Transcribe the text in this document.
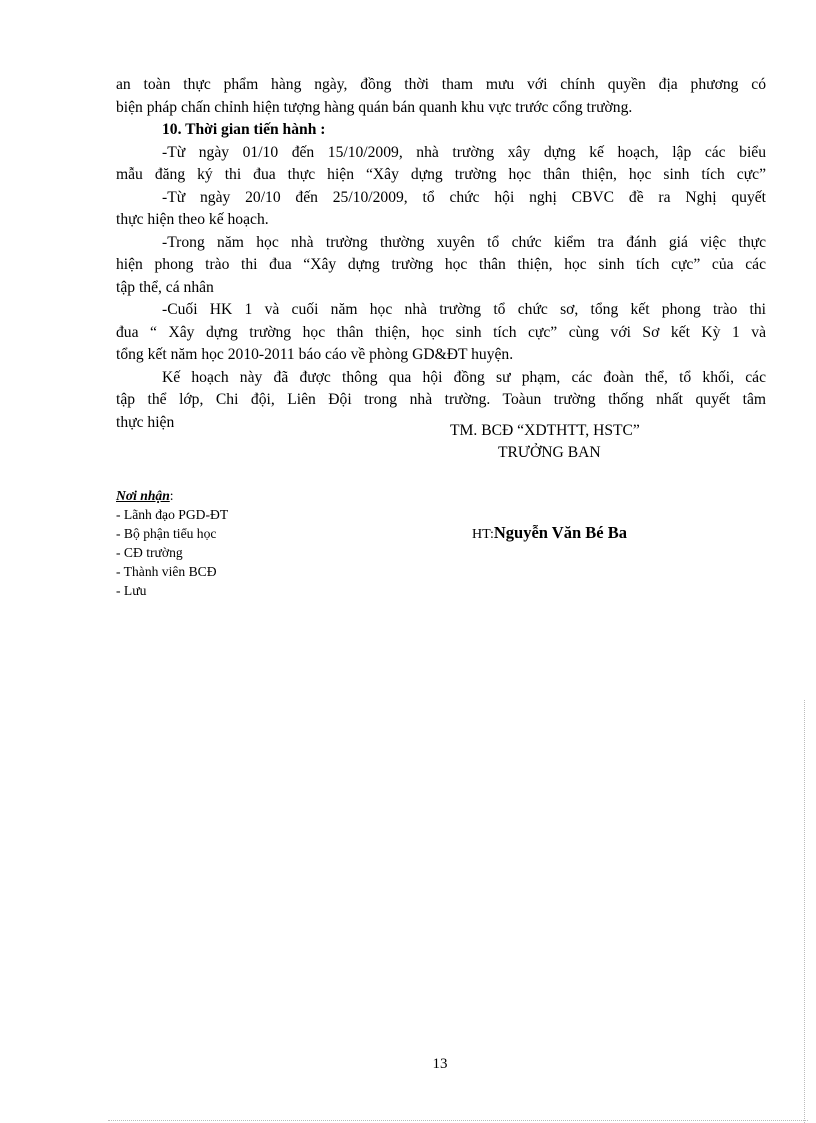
an toàn thực phẩm hàng ngày, đồng thời tham mưu với chính quyền địa phương có
biện pháp chấn chỉnh hiện tượng hàng quán bán quanh khu vực trước cổng trường.
10. Thời gian tiến hành :
-Từ ngày 01/10 đến 15/10/2009, nhà trường xây dựng kế hoạch, lập các biểu
mẫu đăng ký thi đua thực hiện “Xây dựng trường học thân thiện, học sinh tích cực”
-Từ ngày 20/10 đến 25/10/2009, tổ chức hội nghị CBVC đề ra Nghị quyết
thực hiện theo kế hoạch.
-Trong năm học nhà trường thường xuyên tổ chức kiểm tra đánh giá việc thực
hiện phong trào thi đua “Xây dựng trường học thân thiện, học sinh tích cực” của các
tập thể, cá nhân
-Cuối HK 1 và cuối năm học nhà trường tổ chức sơ, tổng kết phong trào thi
đua “ Xây dựng trường học thân thiện, học sinh tích cực” cùng với Sơ kết Kỳ 1 và
tổng kết năm học 2010-2011 báo cáo về phòng GD&ĐT huyện.
Kế hoạch này đã được thông qua hội đồng sư phạm, các đoàn thể, tổ khối, các
tập thể lớp, Chi đội, Liên Đội trong nhà trường. Toàun trường thống nhất quyết tâm
thực hiện	TM. BCĐ “XDTHTT, HSTC”
TRƯỞNG BAN
HT:Nguyễn Văn Bé Ba
Nơi nhận:
- Lãnh đạo PGD-ĐT
- Bộ phận tiểu học
- CĐ trường
- Thành viên BCĐ
- Lưu
13
